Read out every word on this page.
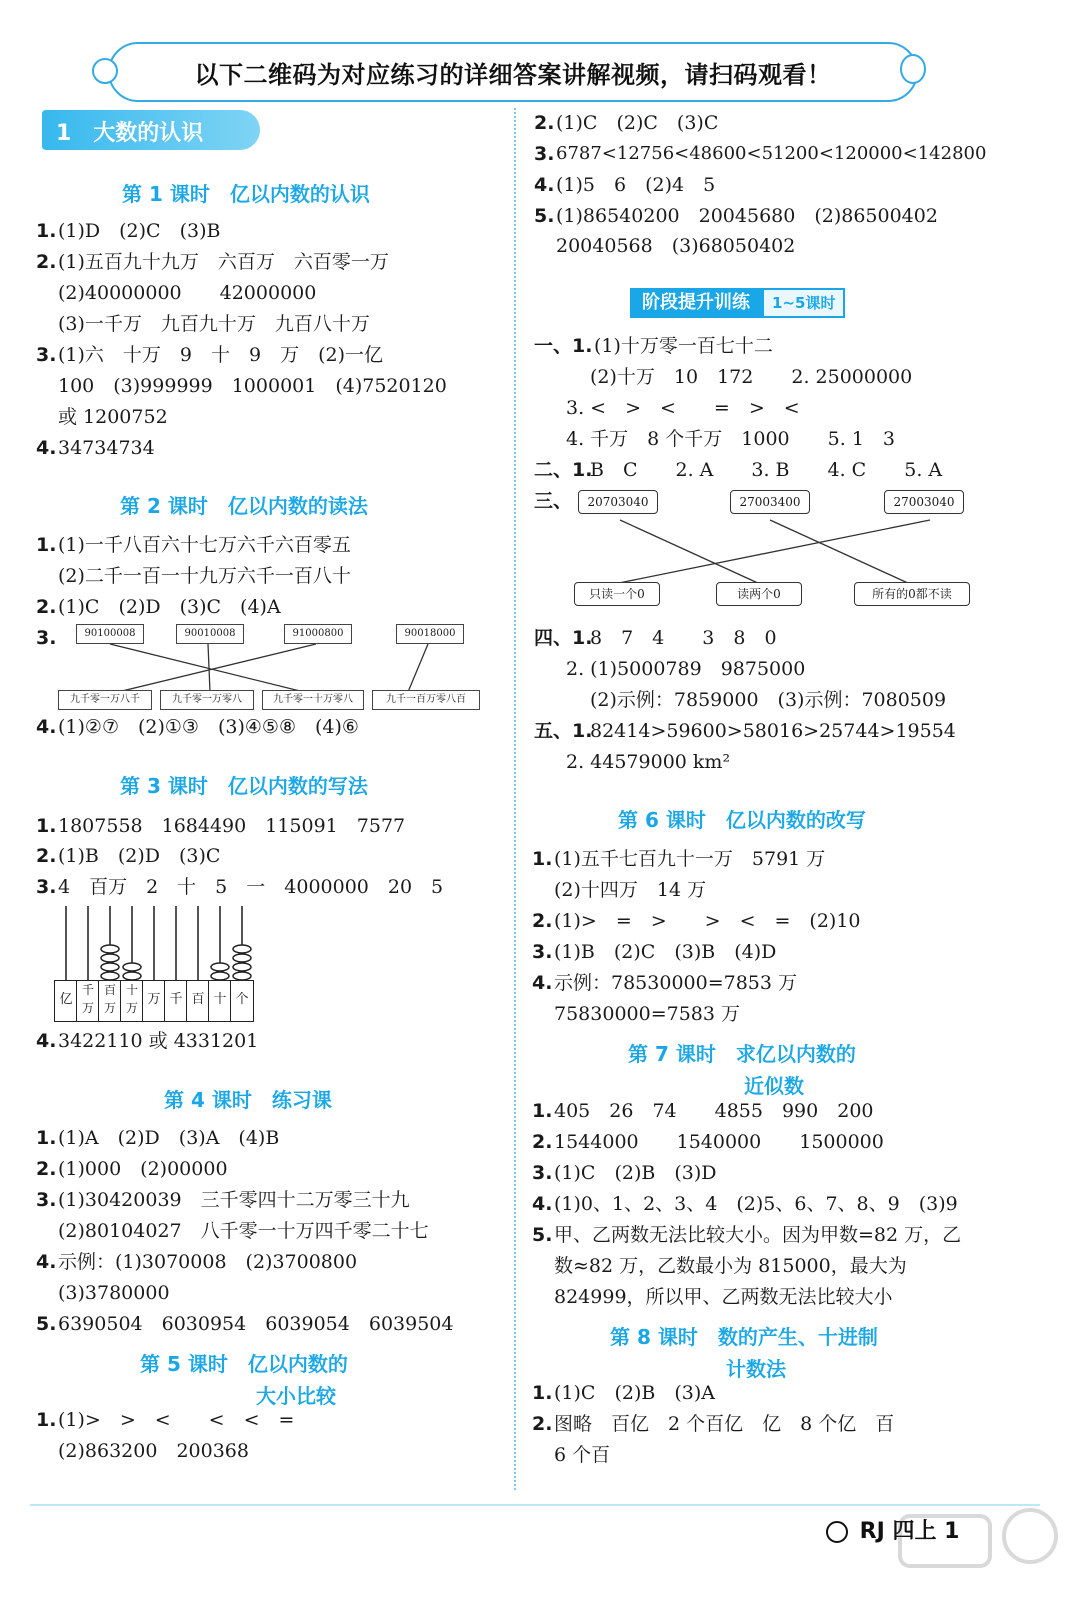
以下二维码为对应练习的详细答案讲解视频，请扫码观看！
1　大数的认识
第 1 课时　亿以内数的认识
1. (1)D　(2)C　(3)B
2. (1)五百九十九万　六百万　六百零一万
(2)40000000　　42000000
(3)一千万　九百九十万　九百八十万
3. (1)六　十万　9　十　9　万　(2)一亿
100　(3)999999　1000001　(4)7520120
或 1200752
4. 34734734
第 2 课时　亿以内数的读法
1. (1)一千八百六十七万六千六百零五
(2)二千一百一十九万六千一百八十
2. (1)C　(2)D　(3)C　(4)A
3.	90100008	90010008	91000800	90018000
九千零一万八千	九千零一万零八	九千零一十万零八	九千一百万零八百
4. (1)②⑦　(2)①③　(3)④⑤⑧　(4)⑥
第 3 课时　亿以内数的写法
1. 1807558　1684490　115091　7577
2. (1)B　(2)D　(3)C
3. 4　百万　2　十　5　一　4000000　20　5
亿
千万
百万
十万
万 千 百 十 个
4. 3422110 或 4331201
第 4 课时　练习课
1. (1)A　(2)D　(3)A　(4)B
2. (1)000　(2)00000
3. (1)30420039　三千零四十二万零三十九
(2)80104027　八千零一十万四千零二十七
4. 示例：(1)3070008　(2)3700800
(3)3780000
5. 6390504　6030954　6039054　6039504
第 5 课时　亿以内数的
大小比较
1. (1)>　>　<　　<　<　=
(2)863200　200368
2. (1)C　(2)C　(3)C
3. 6787<12756<48600<51200<120000<142800
4. (1)5　6　(2)4　5
5. (1)86540200　20045680　(2)86500402
20040568　(3)68050402
阶段提升训练	1~5课时
一、1. (1)十万零一百七十二
(2)十万　10　172　　2. 25000000
3. <　>　<　　=　>　<
4. 千万　8 个千万　1000　　5. 1　3
二、1.
B　C　　2. A　　3. B　　4. C　　5. A
三、	20703040	27003400	27003040
只读一个0	读两个0	所有的0都不读
四、1.
8　7　4　　3　8　0
2. (1)5000789　9875000
(2)示例：7859000　(3)示例：7080509
五、1.
82414>59600>58016>25744>19554
2. 44579000 km²
第 6 课时　亿以内数的改写
1. (1)五千七百九十一万　5791 万
(2)十四万　14 万
2. (1)>　=　>　　>　<　=　(2)10
3. (1)B　(2)C　(3)B　(4)D
4. 示例：78530000=7853 万
75830000=7583 万
第 7 课时　求亿以内数的
近似数
1. 405　26　74　　4855　990　200
2. 1544000　　1540000　　1500000
3. (1)C　(2)B　(3)D
4. (1)0、1、2、3、4　(2)5、6、7、8、9　(3)9
5. 甲、乙两数无法比较大小。因为甲数=82 万，乙
数≈82 万，乙数最小为 815000，最大为
824999，所以甲、乙两数无法比较大小
第 8 课时　数的产生、十进制
计数法
1. (1)C　(2)B　(3)A
2. 图略　百亿　2 个百亿　亿　8 个亿　百
6 个百
RJ 四上 1
